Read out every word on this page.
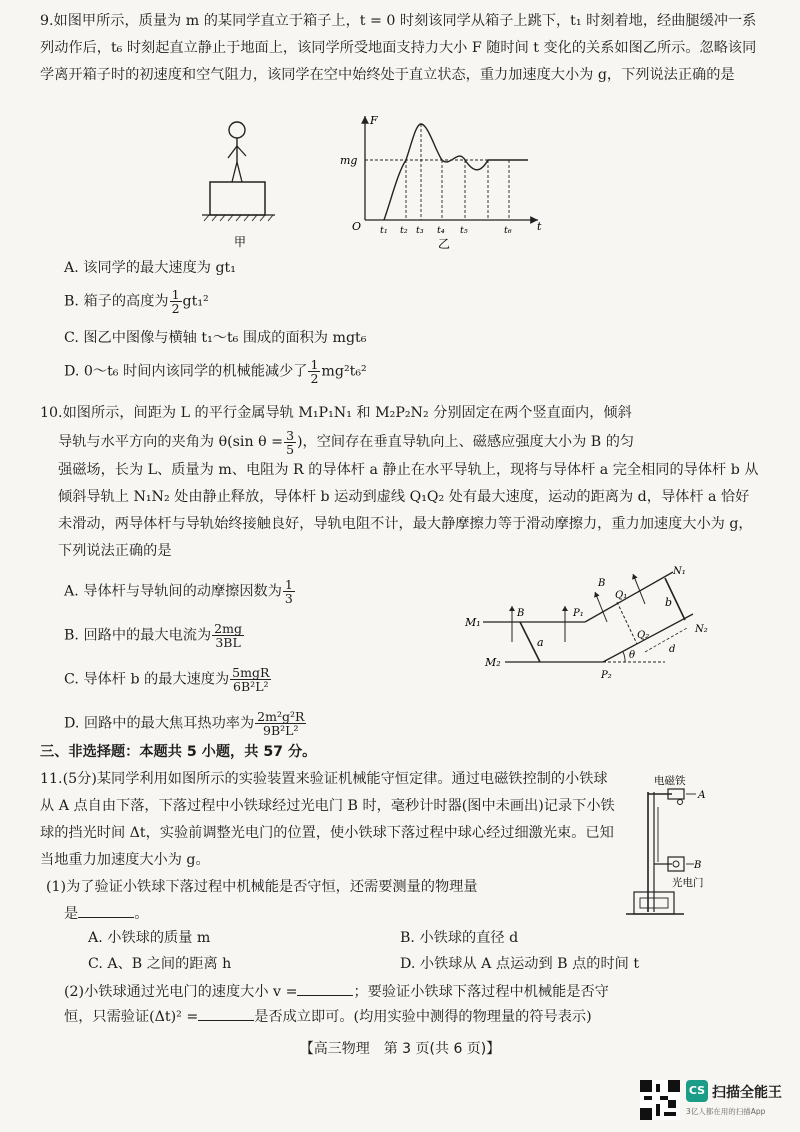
9.如图甲所示，质量为 m 的某同学直立于箱子上，t = 0 时刻该同学从箱子上跳下，t₁ 时刻着地，经曲腿缓冲一系列动作后，t₆ 时刻起直立静止于地面上，该同学所受地面支持力大小 F 随时间 t 变化的关系如图乙所示。忽略该同学离开箱子时的初速度和空气阻力，该同学在空中始终处于直立状态，重力加速度大小为 g，下列说法正确的是

甲
F
O
mg
t
t₁ t₂ t₃ t₄ t₅	t₆
乙
A. 该同学的最大速度为 gt₁
B. 箱子的高度为 $\frac{1}{2} gt_1^2$
C. 图乙中图像与横轴 t₁～t₆ 围成的面积为 mgt₆
D. 0～t₆ 时间内该同学的机械能减少了 $\frac{1}{2} mg^2t_6^2$

10.如图所示，间距为 L 的平行金属导轨 M₁P₁N₁ 和 M₂P₂N₂ 分别固定在两个竖直面内，倾斜

导轨与水平方向的夹角为 θ(sin $\theta = \frac{3}{5}$ )，空间存在垂直导轨向上、磁感应强度大小为 B 的匀

强磁场，长为 L、质量为 m、电阻为 R 的导体杆 a 静止在水平导轨上，现将与导体杆 a 完全相同的导体杆 b 从倾斜导轨上 N₁N₂ 处由静止释放，导体杆 b 运动到虚线 Q₁Q₂ 处有最大速度，运动的距离为 d，导体杆 a 恰好未滑动，两导体杆与导轨始终接触良好，导轨电阻不计，最大静摩擦力等于滑动摩擦力，重力加速度大小为 g，下列说法正确的是

A. 导体杆与导轨间的动摩擦因数为 $\frac{1}{3}$
B. 回路中的最大电流为 $\frac{2mg}{3BL}$
C. 导体杆 b 的最大速度为 $\frac{\text{5mgR}}{\text{6B²L²}}$
D. 回路中的最大焦耳热功率为 $\frac{\text{2m²g²R}}{\text{9B²L²}}$
M₁
M₂
a
b
Q₁
Q₂
N₁
N₂
P₁
P₂
B
B
θ
d
三、非选择题：本题共 5 小题，共 57 分。

11.(5分)某同学利用如图所示的实验装置来验证机械能守恒定律。通过电磁铁控制的小铁球从 A 点自由下落，下落过程中小铁球经过光电门 B 时，毫秒计时器(图中未画出)记录下小铁球的挡光时间 Δt，实验前调整光电门的位置，使小铁球下落过程中球心经过细激光束。已知当地重力加速度大小为 g。

(1)为了验证小铁球下落过程中机械能是否守恒，还需要测量的物理量

是	。

A. 小铁球的质量 m	B. 小铁球的直径 d
C. A、B 之间的距离 h	D. 小铁球从 A 点运动到 B 点的时间 t
(2)小铁球通过光电门的速度大小 v =	；要验证小铁球下落过程中机械能是否守
恒，只需验证(Δt)² =	是否成立即可。(均用实验中测得的物理量的符号表示)
电磁铁
A
B
光电门
【高三物理　第 3 页(共 6 页)】
CS 扫描全能王
3亿人都在用的扫描App
